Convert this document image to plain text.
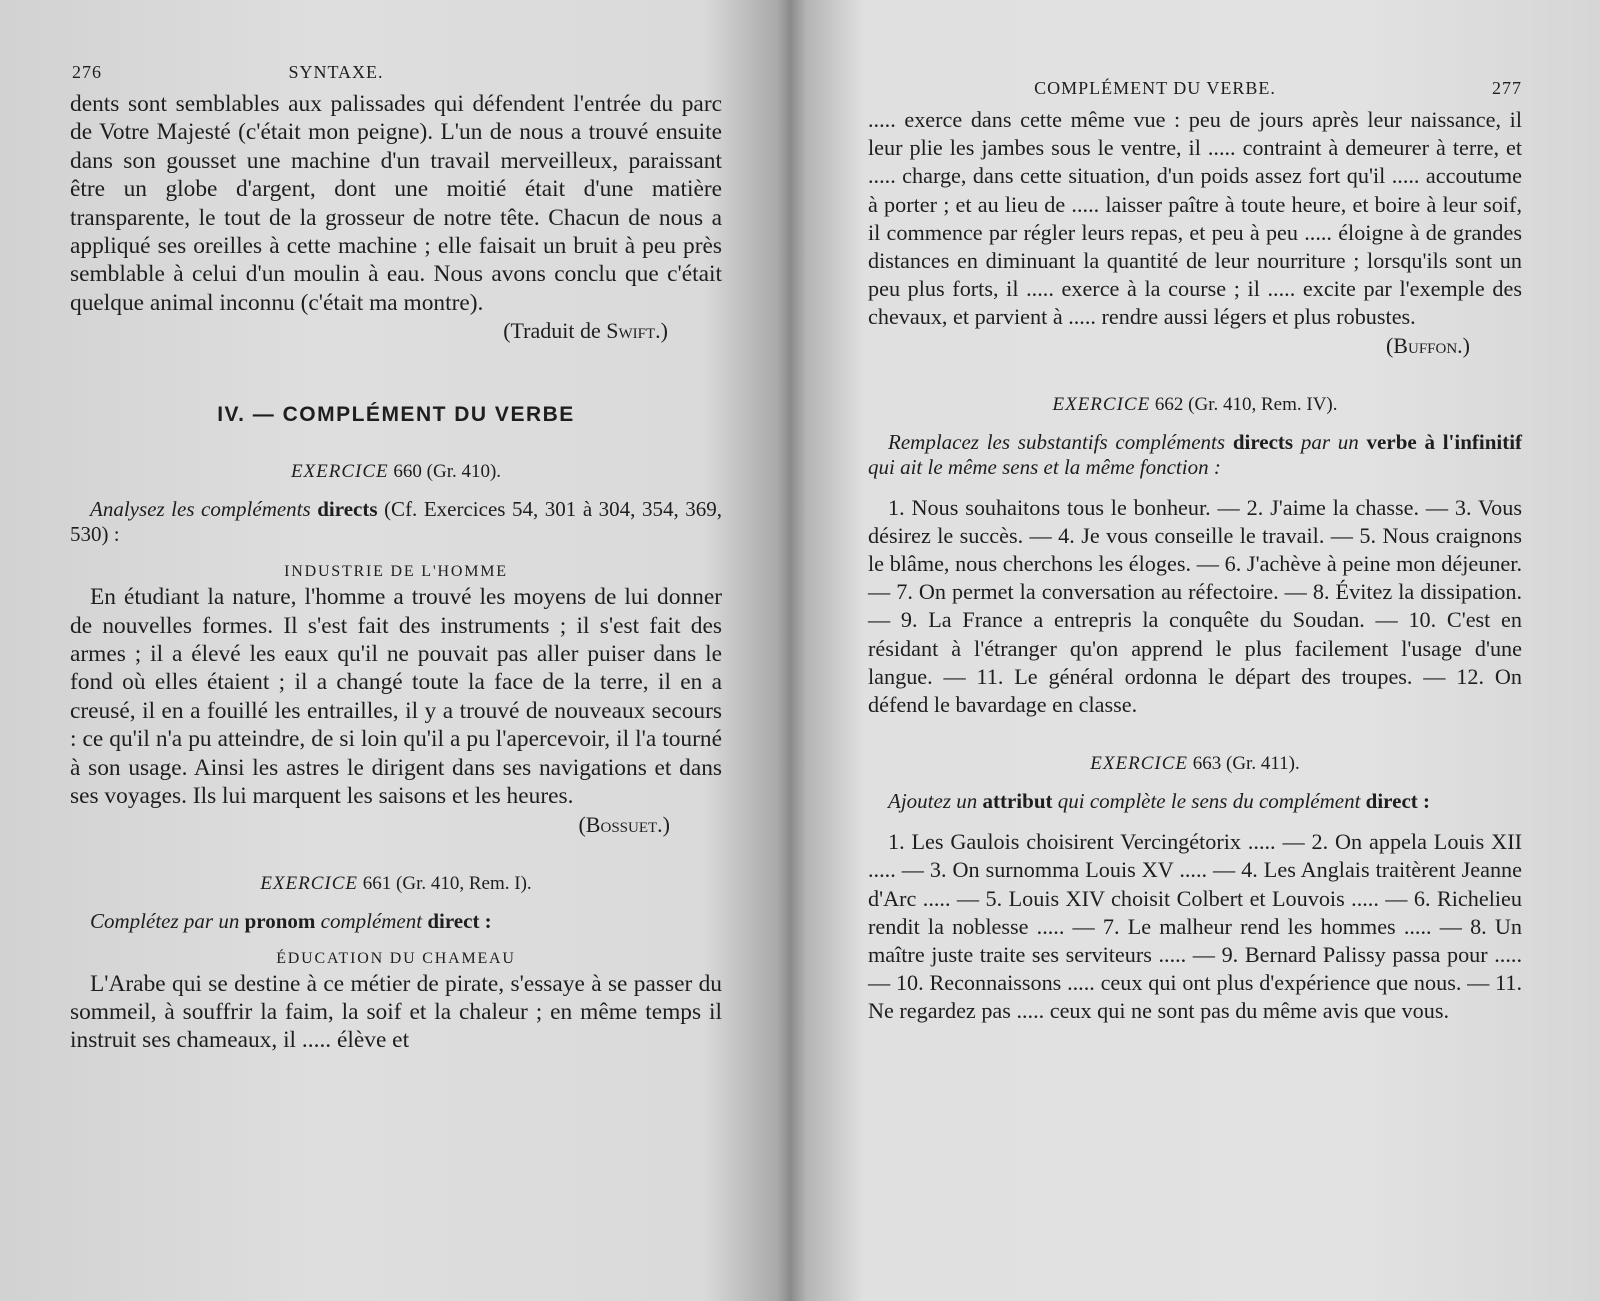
276	SYNTAXE.

dents sont semblables aux palissades qui défendent l'entrée du parc de Votre Majesté (c'était mon peigne). L'un de nous a trouvé ensuite dans son gousset une machine d'un travail merveilleux, paraissant être un globe d'argent, dont une moitié était d'une matière transparente, le tout de la grosseur de notre tête. Chacun de nous a appliqué ses oreilles à cette machine ; elle faisait un bruit à peu près semblable à celui d'un moulin à eau. Nous avons conclu que c'était quelque animal inconnu (c'était ma montre).

(Traduit de Swift.)

IV. — COMPLÉMENT DU VERBE
EXERCICE 660 (Gr. 410).

Analysez les compléments directs (Cf. Exercices 54, 301 à 304, 354, 369, 530) :

INDUSTRIE DE L'HOMME

En étudiant la nature, l'homme a trouvé les moyens de lui donner de nouvelles formes. Il s'est fait des instruments ; il s'est fait des armes ; il a élevé les eaux qu'il ne pouvait pas aller puiser dans le fond où elles étaient ; il a changé toute la face de la terre, il en a creusé, il en a fouillé les entrailles, il y a trouvé de nouveaux secours : ce qu'il n'a pu atteindre, de si loin qu'il a pu l'apercevoir, il l'a tourné à son usage. Ainsi les astres le dirigent dans ses navigations et dans ses voyages. Ils lui marquent les saisons et les heures.

(Bossuet.)

EXERCICE 661 (Gr. 410, Rem. I).

Complétez par un pronom complément direct :

ÉDUCATION DU CHAMEAU

L'Arabe qui se destine à ce métier de pirate, s'essaye à se passer du sommeil, à souffrir la faim, la soif et la chaleur ; en même temps il instruit ses chameaux, il ..... élève et

COMPLÉMENT DU VERBE.	277

..... exerce dans cette même vue : peu de jours après leur naissance, il leur plie les jambes sous le ventre, il ..... contraint à demeurer à terre, et ..... charge, dans cette situation, d'un poids assez fort qu'il ..... accoutume à porter ; et au lieu de ..... laisser paître à toute heure, et boire à leur soif, il commence par régler leurs repas, et peu à peu ..... éloigne à de grandes distances en diminuant la quantité de leur nourriture ; lorsqu'ils sont un peu plus forts, il ..... exerce à la course ; il ..... excite par l'exemple des chevaux, et parvient à ..... rendre aussi légers et plus robustes.

(Buffon.)

EXERCICE 662 (Gr. 410, Rem. IV).

Remplacez les substantifs compléments directs par un verbe à l'infinitif qui ait le même sens et la même fonction :

1. Nous souhaitons tous le bonheur. — 2. J'aime la chasse. — 3. Vous désirez le succès. — 4. Je vous conseille le travail. — 5. Nous craignons le blâme, nous cherchons les éloges. — 6. J'achève à peine mon déjeuner. — 7. On permet la conversation au réfectoire. — 8. Évitez la dissipation. — 9. La France a entrepris la conquête du Soudan. — 10. C'est en résidant à l'étranger qu'on apprend le plus facilement l'usage d'une langue. — 11. Le général ordonna le départ des troupes. — 12. On défend le bavardage en classe.

EXERCICE 663 (Gr. 411).

Ajoutez un attribut qui complète le sens du complément direct :

1. Les Gaulois choisirent Vercingétorix ..... — 2. On appela Louis XII ..... — 3. On surnomma Louis XV ..... — 4. Les Anglais traitèrent Jeanne d'Arc ..... — 5. Louis XIV choisit Colbert et Louvois ..... — 6. Richelieu rendit la noblesse ..... — 7. Le malheur rend les hommes ..... — 8. Un maître juste traite ses serviteurs ..... — 9. Bernard Palissy passa pour ..... — 10. Reconnaissons ..... ceux qui ont plus d'expérience que nous. — 11. Ne regardez pas ..... ceux qui ne sont pas du même avis que vous.
